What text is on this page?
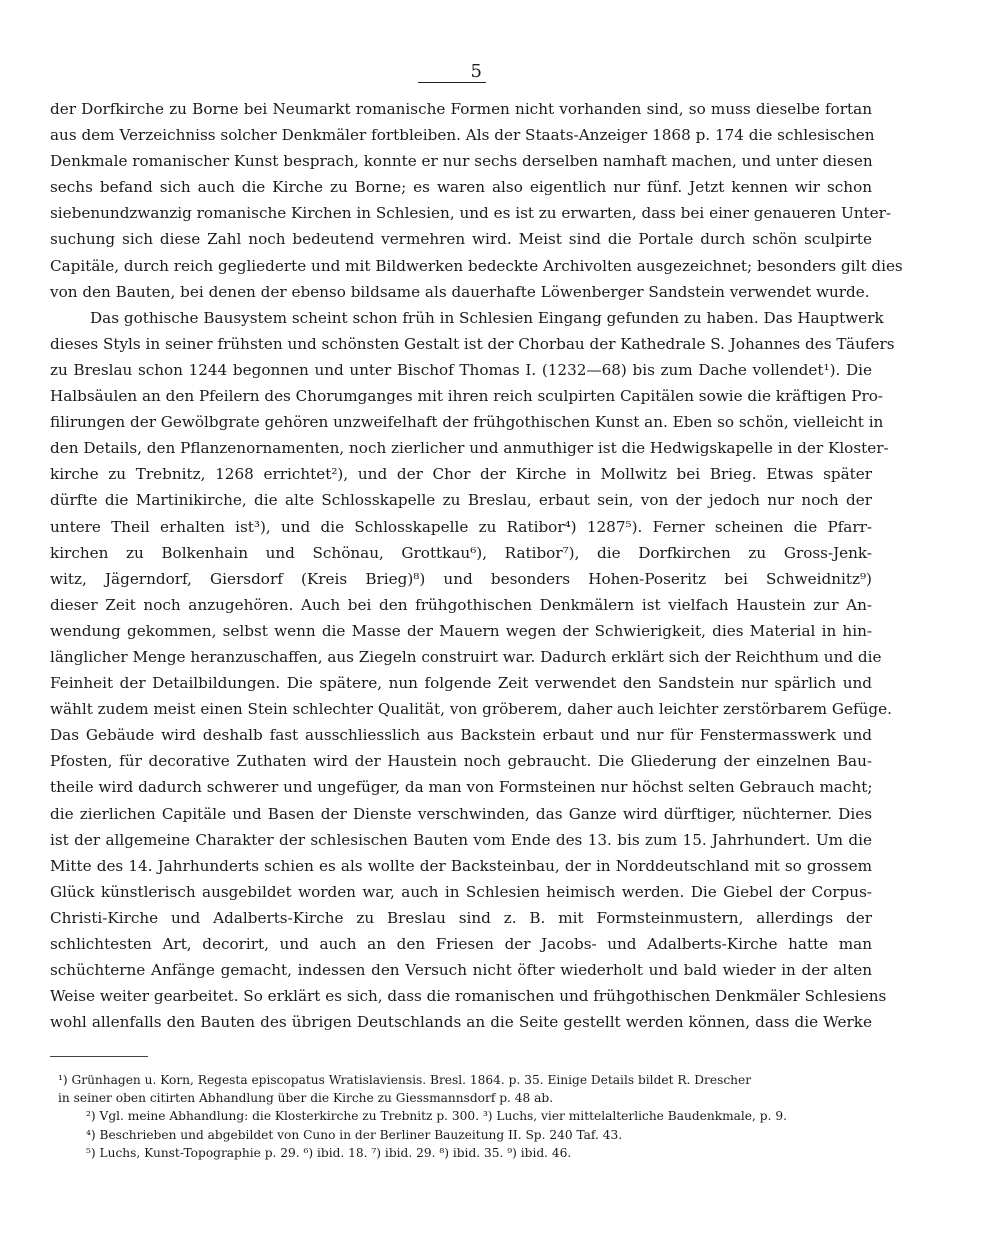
5
der Dorfkirche zu Borne bei Neumarkt romanische Formen nicht vorhanden sind, so muss dieselbe fortan
aus dem Verzeichniss solcher Denkmäler fortbleiben. Als der Staats-Anzeiger 1868 p. 174 die schlesischen
Denkmale romanischer Kunst besprach, konnte er nur sechs derselben namhaft machen, und unter diesen
sechs befand sich auch die Kirche zu Borne; es waren also eigentlich nur fünf. Jetzt kennen wir schon
siebenundzwanzig romanische Kirchen in Schlesien, und es ist zu erwarten, dass bei einer genaueren Unter-
suchung sich diese Zahl noch bedeutend vermehren wird. Meist sind die Portale durch schön sculpirte
Capitäle, durch reich gegliederte und mit Bildwerken bedeckte Archivolten ausgezeichnet; besonders gilt dies
von den Bauten, bei denen der ebenso bildsame als dauerhafte Löwenberger Sandstein verwendet wurde.
Das gothische Bausystem scheint schon früh in Schlesien Eingang gefunden zu haben. Das Hauptwerk
dieses Styls in seiner frühsten und schönsten Gestalt ist der Chorbau der Kathedrale S. Johannes des Täufers
zu Breslau schon 1244 begonnen und unter Bischof Thomas I. (1232—68) bis zum Dache vollendet¹). Die
Halbsäulen an den Pfeilern des Chorumganges mit ihren reich sculpirten Capitälen sowie die kräftigen Pro-
filirungen der Gewölbgrate gehören unzweifelhaft der frühgothischen Kunst an. Eben so schön, vielleicht in
den Details, den Pflanzenornamenten, noch zierlicher und anmuthiger ist die Hedwigskapelle in der Kloster-
kirche zu Trebnitz, 1268 errichtet²), und der Chor der Kirche in Mollwitz bei Brieg. Etwas später
dürfte die Martinikirche, die alte Schlosskapelle zu Breslau, erbaut sein, von der jedoch nur noch der
untere Theil erhalten ist³), und die Schlosskapelle zu Ratibor⁴) 1287⁵). Ferner scheinen die Pfarr-
kirchen zu Bolkenhain und Schönau, Grottkau⁶), Ratibor⁷), die Dorfkirchen zu Gross-Jenk-
witz, Jägerndorf, Giersdorf (Kreis Brieg)⁸) und besonders Hohen-Poseritz bei Schweidnitz⁹)
dieser Zeit noch anzugehören. Auch bei den frühgothischen Denkmälern ist vielfach Haustein zur An-
wendung gekommen, selbst wenn die Masse der Mauern wegen der Schwierigkeit, dies Material in hin-
länglicher Menge heranzuschaffen, aus Ziegeln construirt war. Dadurch erklärt sich der Reichthum und die
Feinheit der Detailbildungen. Die spätere, nun folgende Zeit verwendet den Sandstein nur spärlich und
wählt zudem meist einen Stein schlechter Qualität, von gröberem, daher auch leichter zerstörbarem Gefüge.
Das Gebäude wird deshalb fast ausschliesslich aus Backstein erbaut und nur für Fenstermasswerk und
Pfosten, für decorative Zuthaten wird der Haustein noch gebraucht. Die Gliederung der einzelnen Bau-
theile wird dadurch schwerer und ungefüger, da man von Formsteinen nur höchst selten Gebrauch macht;
die zierlichen Capitäle und Basen der Dienste verschwinden, das Ganze wird dürftiger, nüchterner. Dies
ist der allgemeine Charakter der schlesischen Bauten vom Ende des 13. bis zum 15. Jahrhundert. Um die
Mitte des 14. Jahrhunderts schien es als wollte der Backsteinbau, der in Norddeutschland mit so grossem
Glück künstlerisch ausgebildet worden war, auch in Schlesien heimisch werden. Die Giebel der Corpus-
Christi-Kirche und Adalberts-Kirche zu Breslau sind z. B. mit Formsteinmustern, allerdings der
schlichtesten Art, decorirt, und auch an den Friesen der Jacobs- und Adalberts-Kirche hatte man
schüchterne Anfänge gemacht, indessen den Versuch nicht öfter wiederholt und bald wieder in der alten
Weise weiter gearbeitet. So erklärt es sich, dass die romanischen und frühgothischen Denkmäler Schlesiens
wohl allenfalls den Bauten des übrigen Deutschlands an die Seite gestellt werden können, dass die Werke
¹) Grünhagen u. Korn, Regesta episcopatus Wratislaviensis. Bresl. 1864. p. 35. Einige Details bildet R. Drescher
in seiner oben citirten Abhandlung über die Kirche zu Giessmannsdorf p. 48 ab.
²) Vgl. meine Abhandlung: die Klosterkirche zu Trebnitz p. 300. ³) Luchs, vier mittelalterliche Baudenkmale, p. 9.
⁴) Beschrieben und abgebildet von Cuno in der Berliner Bauzeitung II. Sp. 240 Taf. 43.
⁵) Luchs, Kunst-Topographie p. 29. ⁶) ibid. 18. ⁷) ibid. 29. ⁸) ibid. 35. ⁹) ibid. 46.
